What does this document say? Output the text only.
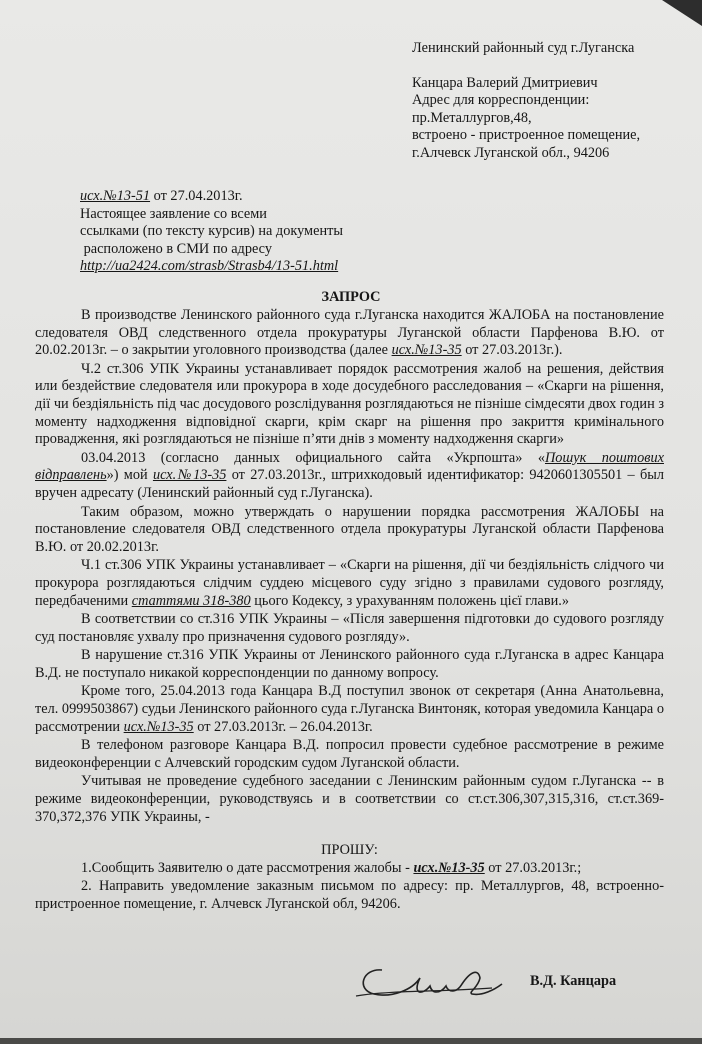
Ленинский районный суд г.Луганска
Канцара Валерий Дмитриевич
Адрес для корреспонденции:
пр.Металлургов,48,
встроено - пристроенное помещение,
г.Алчевск Луганской обл., 94206
исх.№13-51 от 27.04.2013г.
Настоящее заявление со всеми
ссылками (по тексту курсив) на документы
расположено в СМИ по адресу
http://ua2424.com/strasb/Strasb4/13-51.html
ЗАПРОС

В производстве Ленинского районного суда г.Луганска находится ЖАЛОБА на постановление следователя ОВД следственного отдела прокуратуры Луганской области Парфенова В.Ю. от 20.02.2013г. – о закрытии уголовного производства (далее исх.№13-35 от 27.03.2013г.).

Ч.2 ст.306 УПК Украины устанавливает порядок рассмотрения жалоб на решения, действия или бездействие следователя или прокурора в ходе досудебного расследования – «Скарги на рішення, дії чи бездіяльність під час досудового розслідування розглядаються не пізніше сімдесяти двох годин з моменту надходження відповідної скарги, крім скарг на рішення про закриття кримінального провадження, які розглядаються не пізніше п’яти днів з моменту надходження скарги»

03.04.2013 (согласно данных официального сайта «Укрпошта» «Пошук поштових відправлень») мой исх.№13-35 от 27.03.2013г., штрихкодовый идентификатор: 9420601305501 – был вручен адресату (Ленинский районный суд г.Луганска).

Таким образом, можно утверждать о нарушении порядка рассмотрения ЖАЛОБЫ на постановление следователя ОВД следственного отдела прокуратуры Луганской области Парфенова В.Ю. от 20.02.2013г.

Ч.1 ст.306 УПК Украины устанавливает – «Скарги на рішення, дії чи бездіяльність слідчого чи прокурора розглядаються слідчим суддею місцевого суду згідно з правилами судового розгляду, передбаченими статтями 318-380 цього Кодексу, з урахуванням положень цієї глави.»

В соответствии со ст.316 УПК Украины – «Після завершення підготовки до судового розгляду суд постановляє ухвалу про призначення судового розгляду».

В нарушение ст.316 УПК Украины от Ленинского районного суда г.Луганска в адрес Канцара В.Д. не поступало никакой корреспонденции по данному вопросу.

Кроме того, 25.04.2013 года Канцара В.Д поступил звонок от секретаря (Анна Анатольевна, тел. 0999503867) судьи Ленинского районного суда г.Луганска Винтоняк, которая уведомила Канцара о рассмотрении исх.№13-35 от 27.03.2013г. – 26.04.2013г.

В телефоном разговоре Канцара В.Д. попросил провести судебное рассмотрение в режиме видеоконференции с Алчевский городским судом Луганской области.

Учитывая не проведение судебного заседании с Ленинским районным судом г.Луганска -- в режиме видеоконференции, руководствуясь и в соответствии со ст.ст.306,307,315,316, ст.ст.369-370,372,376 УПК Украины, -

ПРОШУ:

1.Сообщить Заявителю о дате рассмотрения жалобы - исх.№13-35 от 27.03.2013г.;

2. Направить уведомление заказным письмом по адресу: пр. Металлургов, 48, встроенно-пристроенное помещение, г. Алчевск Луганской обл, 94206.

В.Д. Канцара
